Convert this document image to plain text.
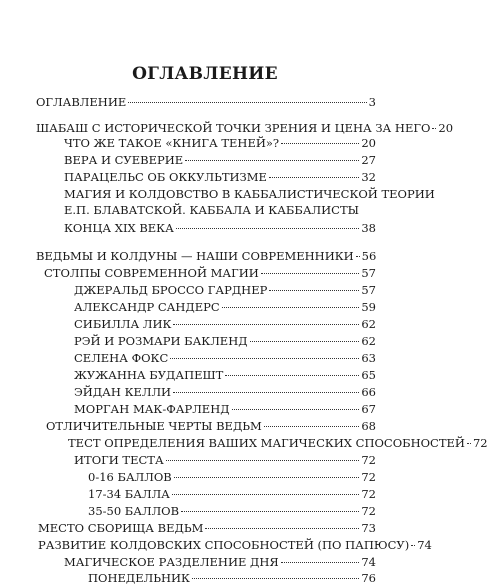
ОГЛАВЛЕНИЕ
ОГЛАВЛЕНИЕ	3
ШАБАШ С ИСТОРИЧЕСКОЙ ТОЧКИ ЗРЕНИЯ И ЦЕНА ЗА НЕГО 20
ЧТО ЖЕ ТАКОЕ «КНИГА ТЕНЕЙ»?	20
ВЕРА И СУЕВЕРИЕ	27
ПАРАЦЕЛЬС ОБ ОККУЛЬТИЗМЕ	32
МАГИЯ И КОЛДОВСТВО В КАББАЛИСТИЧЕСКОЙ ТЕОРИИ
Е.П. БЛАВАТСКОЙ. КАББАЛА И КАББАЛИСТЫ
КОНЦА XIX ВЕКА	38
ВЕДЬМЫ И КОЛДУНЫ — НАШИ СОВРЕМЕННИКИ 56
СТОЛПЫ СОВРЕМЕННОЙ МАГИИ	57
ДЖЕРАЛЬД БРОССО ГАРДНЕР	57
АЛЕКСАНДР САНДЕРС	59
СИБИЛЛА ЛИК	62
РЭЙ И РОЗМАРИ БАКЛЕНД	62
СЕЛЕНА ФОКС	63
ЖУЖАННА БУДАПЕШТ	65
ЭЙДАН КЕЛЛИ	66
МОРГАН МАК-ФАРЛЕНД	67
ОТЛИЧИТЕЛЬНЫЕ ЧЕРТЫ ВЕДЬМ	68
ТЕСТ ОПРЕДЕЛЕНИЯ ВАШИХ МАГИЧЕСКИХ СПОСОБНОСТЕЙ 72
ИТОГИ ТЕСТА	72
0-16 БАЛЛОВ	72
17-34 БАЛЛА	72
35-50 БАЛЛОВ	72
МЕСТО СБОРИЩА ВЕДЬМ	73
РАЗВИТИЕ КОЛДОВСКИХ СПОСОБНОСТЕЙ (ПО ПАПЮСУ) 74
МАГИЧЕСКОЕ РАЗДЕЛЕНИЕ ДНЯ	74
ПОНЕДЕЛЬНИК	76
